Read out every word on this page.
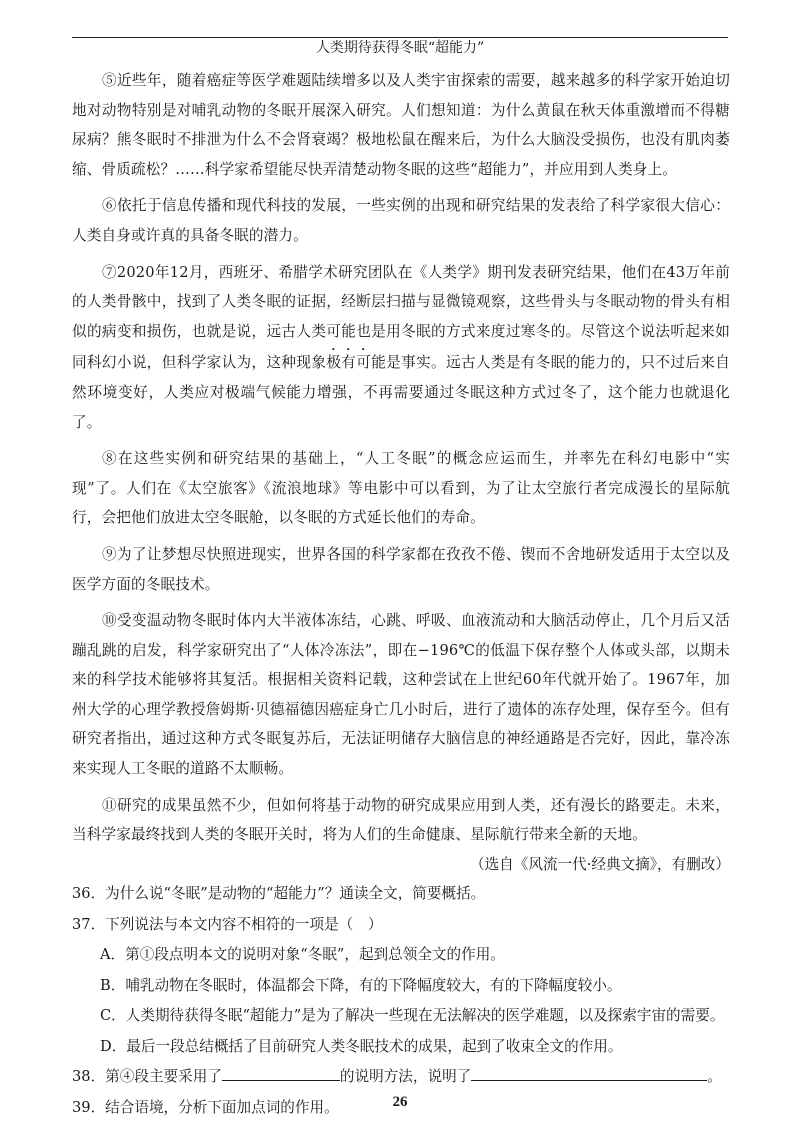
人类期待获得冬眠“超能力”

⑤近些年，随着癌症等医学难题陆续增多以及人类宇宙探索的需要，越来越多的科学家开始迫切地对动物特别是对哺乳动物的冬眠开展深入研究。人们想知道：为什么黄鼠在秋天体重激增而不得糖尿病？熊冬眠时不排泄为什么不会肾衰竭？极地松鼠在醒来后，为什么大脑没受损伤，也没有肌肉萎缩、骨质疏松？……科学家希望能尽快弄清楚动物冬眠的这些“超能力”，并应用到人类身上。

⑥依托于信息传播和现代科技的发展，一些实例的出现和研究结果的发表给了科学家很大信心：人类自身或许真的具备冬眠的潜力。

⑦2020年12月，西班牙、希腊学术研究团队在《人类学》期刊发表研究结果，他们在43万年前的人类骨骸中，找到了人类冬眠的证据，经断层扫描与显微镜观察，这些骨头与冬眠动物的骨头有相似的病变和损伤，也就是说，远古人类可能也是用冬眠的方式来度过寒冬的。尽管这个说法听起来如同科幻小说，但科学家认为，这种现象极有可能是事实。远古人类是有冬眠的能力的，只不过后来自然环境变好，人类应对极端气候能力增强，不再需要通过冬眠这种方式过冬了，这个能力也就退化了。

⑧在这些实例和研究结果的基础上，“人工冬眠”的概念应运而生，并率先在科幻电影中“实现”了。人们在《太空旅客》《流浪地球》等电影中可以看到，为了让太空旅行者完成漫长的星际航行，会把他们放进太空冬眠舱，以冬眠的方式延长他们的寿命。

⑨为了让梦想尽快照进现实，世界各国的科学家都在孜孜不倦、锲而不舍地研发适用于太空以及医学方面的冬眠技术。

⑩受变温动物冬眠时体内大半液体冻结，心跳、呼吸、血液流动和大脑活动停止，几个月后又活蹦乱跳的启发，科学家研究出了“人体冷冻法”，即在−196℃的低温下保存整个人体或头部，以期未来的科学技术能够将其复活。根据相关资料记载，这种尝试在上世纪60年代就开始了。1967年，加州大学的心理学教授詹姆斯·贝德福德因癌症身亡几小时后，进行了遗体的冻存处理，保存至今。但有研究者指出，通过这种方式冬眠复苏后，无法证明储存大脑信息的神经通路是否完好，因此，靠冷冻来实现人工冬眠的道路不太顺畅。

⑪研究的成果虽然不少，但如何将基于动物的研究成果应用到人类，还有漫长的路要走。未来，当科学家最终找到人类的冬眠开关时，将为人们的生命健康、星际航行带来全新的天地。

（选自《风流一代·经典文摘》，有删改）

36．为什么说“冬眠”是动物的“超能力”？通读全文，简要概括。

37．下列说法与本文内容不相符的一项是（　）

A．第①段点明本文的说明对象“冬眠”，起到总领全文的作用。

B．哺乳动物在冬眠时，体温都会下降，有的下降幅度较大，有的下降幅度较小。

C．人类期待获得冬眠“超能力”是为了解决一些现在无法解决的医学难题，以及探索宇宙的需要。

D．最后一段总结概括了目前研究人类冬眠技术的成果，起到了收束全文的作用。

38．第④段主要采用了	的说明方法，说明了	。

39．结合语境，分析下面加点词的作用。	26
